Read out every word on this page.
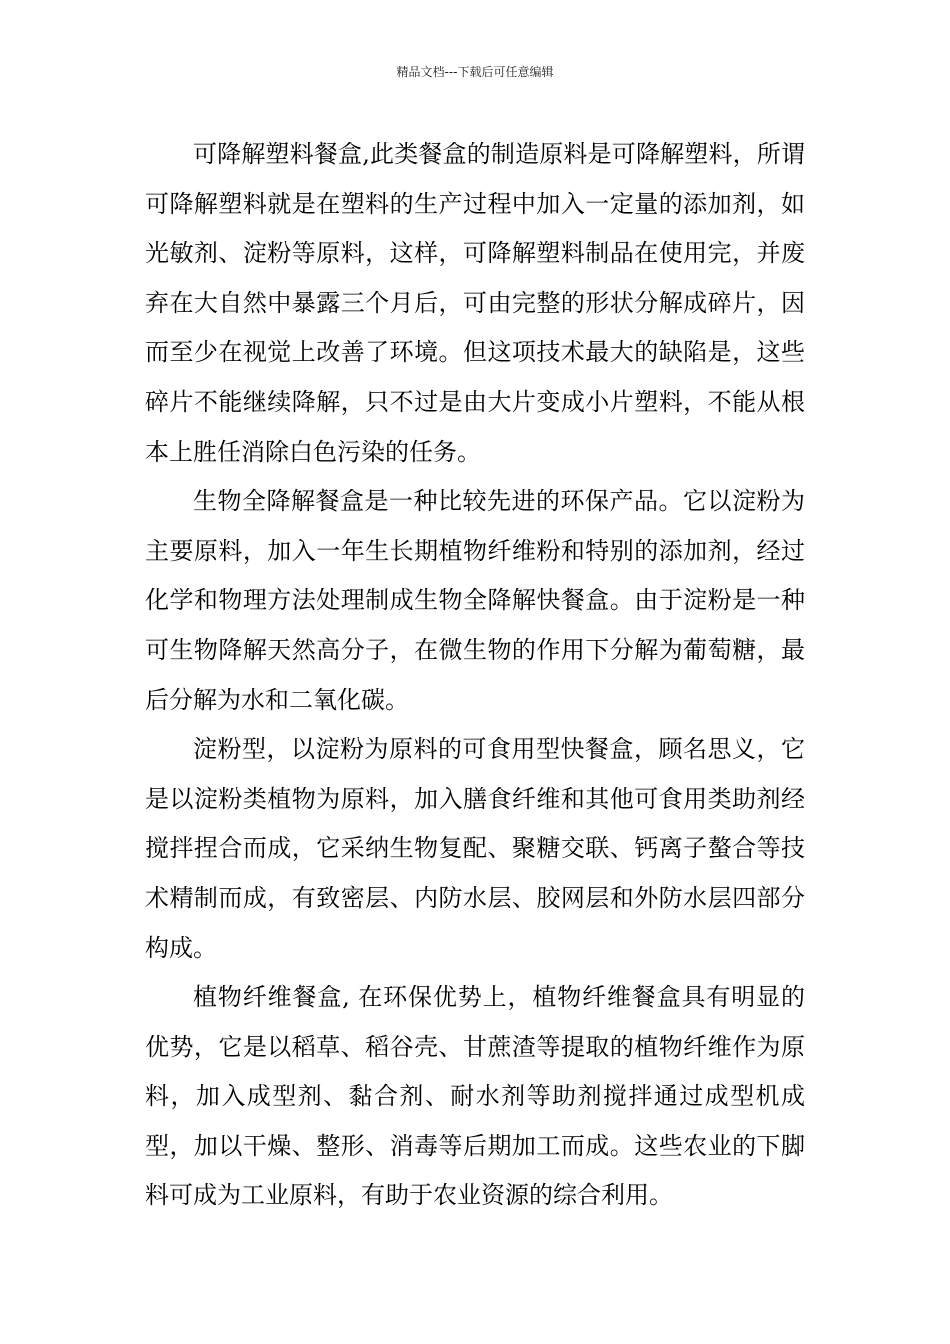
精品文档---下载后可任意编辑

可降解塑料餐盒,此类餐盒的制造原料是可降解塑料，所谓可降解塑料就是在塑料的生产过程中加入一定量的添加剂，如光敏剂、淀粉等原料，这样，可降解塑料制品在使用完，并废弃在大自然中暴露三个月后，可由完整的形状分解成碎片，因而至少在视觉上改善了环境。但这项技术最大的缺陷是，这些碎片不能继续降解，只不过是由大片变成小片塑料，不能从根本上胜任消除白色污染的任务。

生物全降解餐盒是一种比较先进的环保产品。它以淀粉为主要原料，加入一年生长期植物纤维粉和特别的添加剂，经过化学和物理方法处理制成生物全降解快餐盒。由于淀粉是一种可生物降解天然高分子，在微生物的作用下分解为葡萄糖，最后分解为水和二氧化碳。

淀粉型，以淀粉为原料的可食用型快餐盒，顾名思义，它是以淀粉类植物为原料，加入膳食纤维和其他可食用类助剂经搅拌捏合而成，它采纳生物复配、聚糖交联、钙离子螯合等技术精制而成，有致密层、内防水层、胶网层和外防水层四部分构成。

植物纤维餐盒, 在环保优势上，植物纤维餐盒具有明显的优势，它是以稻草、稻谷壳、甘蔗渣等提取的植物纤维作为原料，加入成型剂、黏合剂、耐水剂等助剂搅拌通过成型机成型，加以干燥、整形、消毒等后期加工而成。这些农业的下脚料可成为工业原料，有助于农业资源的综合利用。
